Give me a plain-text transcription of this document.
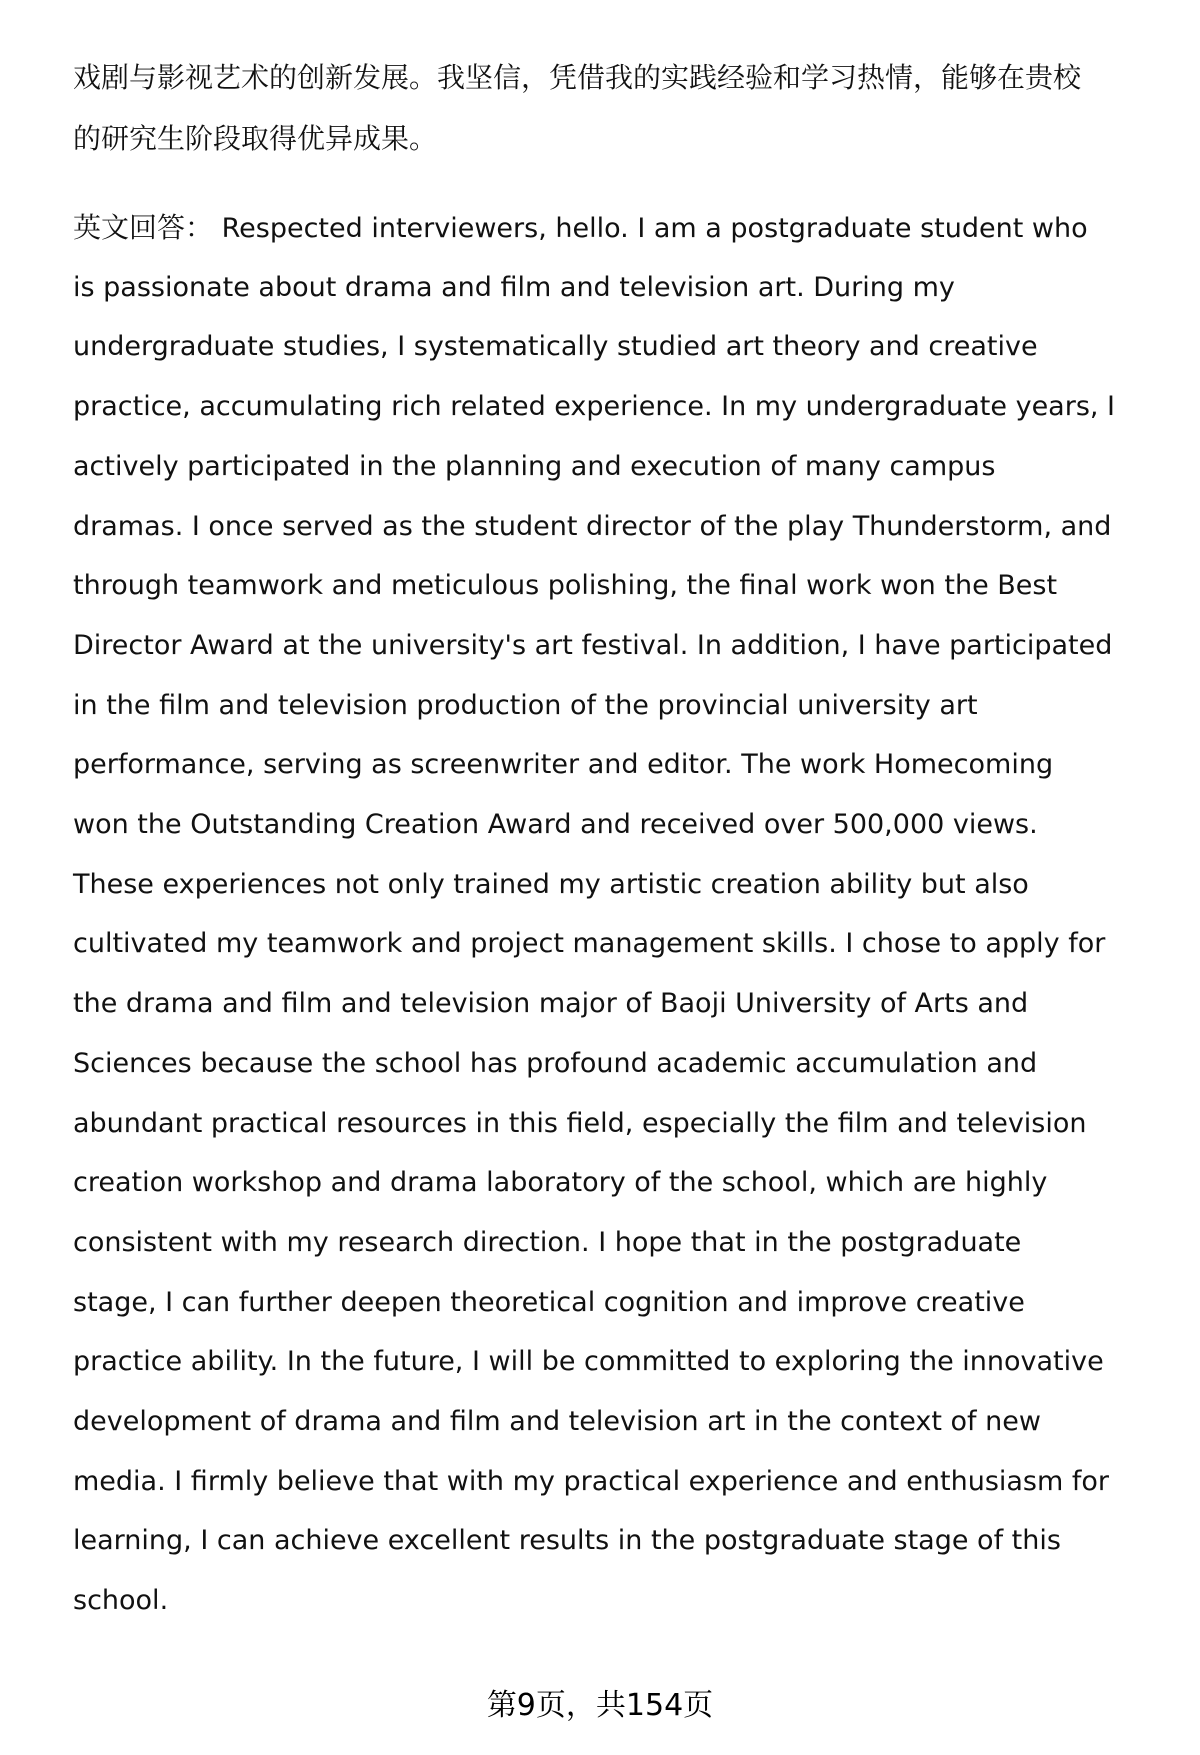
戏剧与影视艺术的创新发展。我坚信，凭借我的实践经验和学习热情，能够在贵校
的研究生阶段取得优异成果。
英文回答： Respected interviewers, hello. I am a postgraduate student who
is passionate about drama and film and television art. During my
undergraduate studies, I systematically studied art theory and creative
practice, accumulating rich related experience. In my undergraduate years, I
actively participated in the planning and execution of many campus
dramas. I once served as the student director of the play Thunderstorm, and
through teamwork and meticulous polishing, the final work won the Best
Director Award at the university's art festival. In addition, I have participated
in the film and television production of the provincial university art
performance, serving as screenwriter and editor. The work Homecoming
won the Outstanding Creation Award and received over 500,000 views.
These experiences not only trained my artistic creation ability but also
cultivated my teamwork and project management skills. I chose to apply for
the drama and film and television major of Baoji University of Arts and
Sciences because the school has profound academic accumulation and
abundant practical resources in this field, especially the film and television
creation workshop and drama laboratory of the school, which are highly
consistent with my research direction. I hope that in the postgraduate
stage, I can further deepen theoretical cognition and improve creative
practice ability. In the future, I will be committed to exploring the innovative
development of drama and film and television art in the context of new
media. I firmly believe that with my practical experience and enthusiasm for
learning, I can achieve excellent results in the postgraduate stage of this
school.
第9页，共154页
